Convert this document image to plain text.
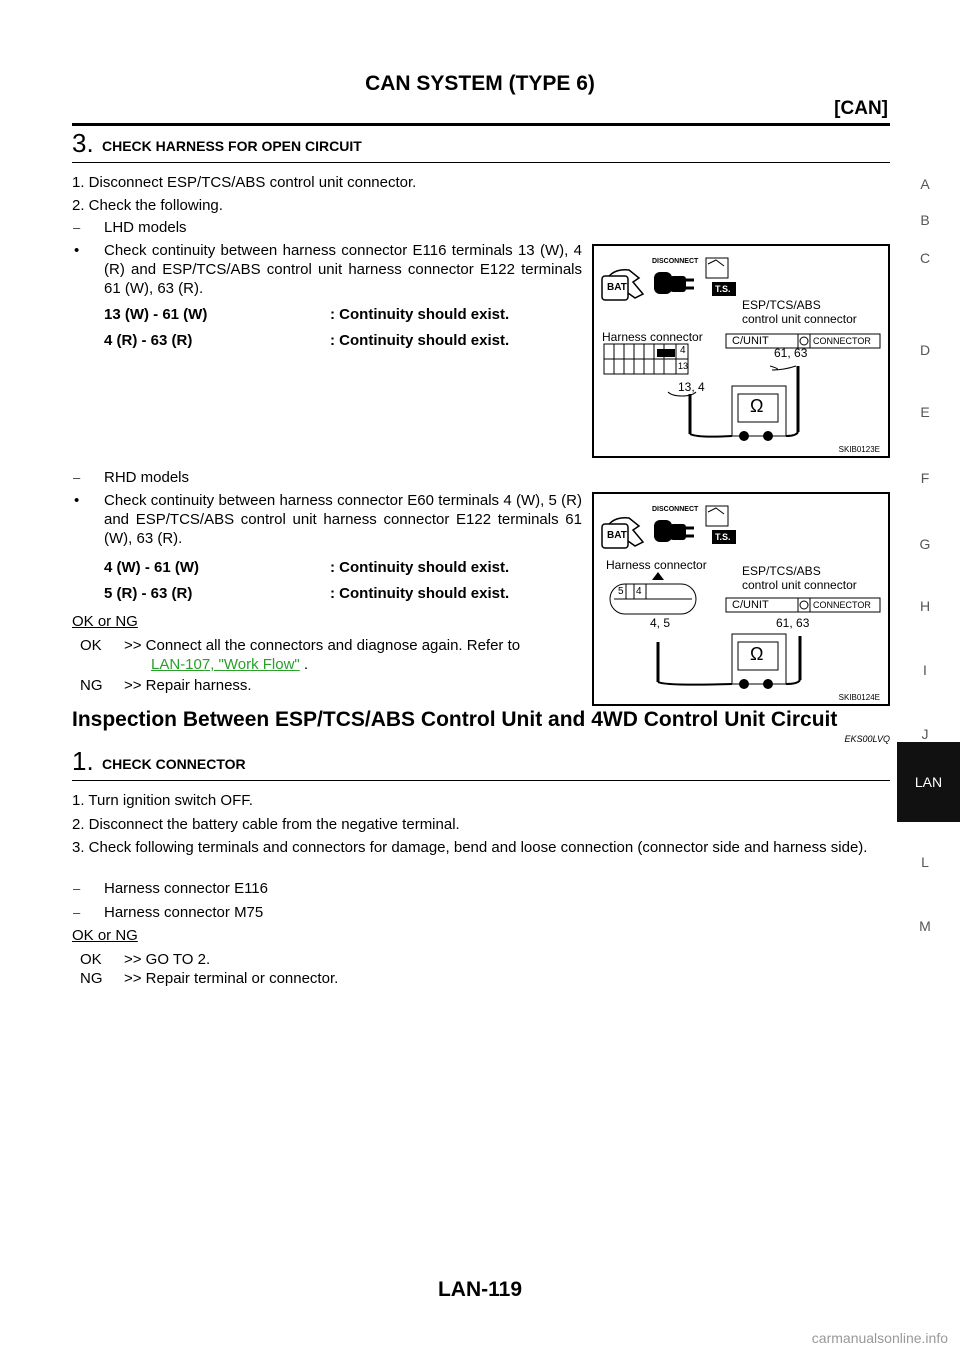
CAN SYSTEM (TYPE 6)
[CAN]
A
B
C
D
E
F
G
H
I
J
LAN
L
M
3. CHECK HARNESS FOR OPEN CIRCUIT
1. Disconnect ESP/TCS/ABS control unit connector.
2. Check the following.
– LHD models
• Check continuity between harness connector E116 terminals 13 (W), 4 (R) and ESP/TCS/ABS control unit harness connector E122 terminals 61 (W), 63 (R).
13 (W) - 61 (W)	: Continuity should exist.
4 (R) - 63 (R)	: Continuity should exist.
BAT
DISCONNECT
T.S.
ESP/TCS/ABS
control unit connector
C/UNIT	CONNECTOR
Harness connector
4
13
13, 4
61, 63
Ω
SKIB0123E
– RHD models
• Check continuity between harness connector E60 terminals 4 (W), 5 (R) and ESP/TCS/ABS control unit harness connector E122 terminals 61 (W), 63 (R).
4 (W) - 61 (W)	: Continuity should exist.
5 (R) - 63 (R)	: Continuity should exist.
OK or NG
OK >> Connect all the connectors and diagnose again. Refer to
LAN-107, "Work Flow" .
NG >> Repair harness.
BAT
DISCONNECT
T.S.
ESP/TCS/ABS
control unit connector
C/UNIT	CONNECTOR
Harness connector
5 4
4, 5	61, 63
Ω
SKIB0124E
Inspection Between ESP/TCS/ABS Control Unit and 4WD Control Unit Circuit
EKS00LVQ
1. CHECK CONNECTOR
1. Turn ignition switch OFF.
2. Disconnect the battery cable from the negative terminal.
3. Check following terminals and connectors for damage, bend and loose connection (connector side and harness side).
– Harness connector E116
– Harness connector M75
OK or NG
OK >> GO TO 2.
NG >> Repair terminal or connector.
LAN-119
carmanualsonline.info
